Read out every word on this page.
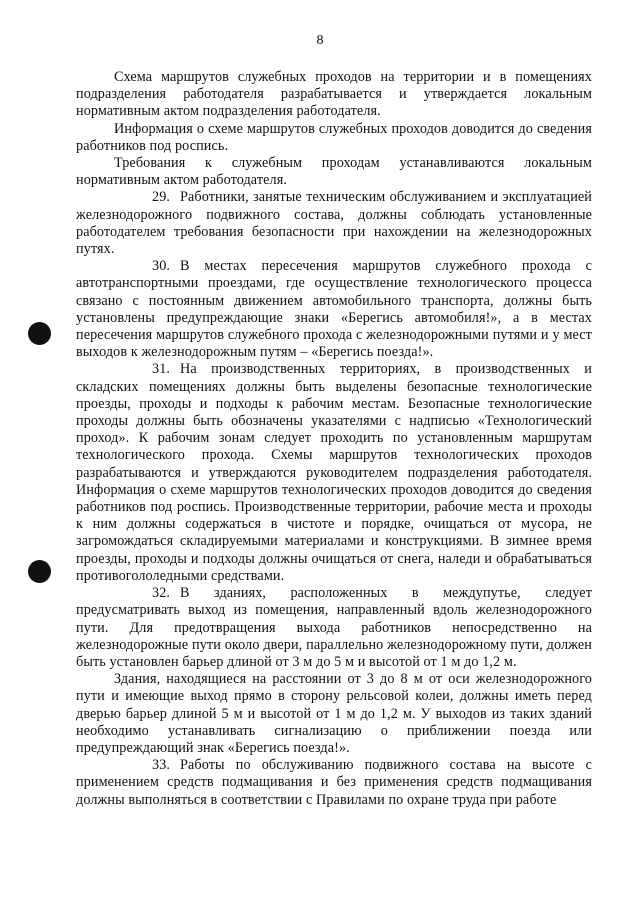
8

Схема маршрутов служебных проходов на территории и в помещениях подразделения работодателя разрабатывается и утверждается локальным нормативным актом подразделения работодателя.

Информация о схеме маршрутов служебных проходов доводится до сведения работников под роспись.

Требования к служебным проходам устанавливаются локальным нормативным актом работодателя.

29. Работники, занятые техническим обслуживанием и эксплуатацией железнодорожного подвижного состава, должны соблюдать установленные работодателем требования безопасности при нахождении на железнодорожных путях.

30. В местах пересечения маршрутов служебного прохода с автотранспортными проездами, где осуществление технологического процесса связано с постоянным движением автомобильного транспорта, должны быть установлены предупреждающие знаки «Берегись автомобиля!», а в местах пересечения маршрутов служебного прохода с железнодорожными путями и у мест выходов к железнодорожным путям – «Берегись поезда!».

31. На производственных территориях, в производственных и складских помещениях должны быть выделены безопасные технологические проезды, проходы и подходы к рабочим местам. Безопасные технологические проходы должны быть обозначены указателями с надписью «Технологический проход». К рабочим зонам следует проходить по установленным маршрутам технологического прохода. Схемы маршрутов технологических проходов разрабатываются и утверждаются руководителем подразделения работодателя. Информация о схеме маршрутов технологических проходов доводится до сведения работников под роспись. Производственные территории, рабочие места и проходы к ним должны содержаться в чистоте и порядке, очищаться от мусора, не загромождаться складируемыми материалами и конструкциями. В зимнее время проезды, проходы и подходы должны очищаться от снега, наледи и обрабатываться противогололедными средствами.

32. В зданиях, расположенных в междупутье, следует предусматривать выход из помещения, направленный вдоль железнодорожного пути. Для предотвращения выхода работников непосредственно на железнодорожные пути около двери, параллельно железнодорожному пути, должен быть установлен барьер длиной от 3 м до 5 м и высотой от 1 м до 1,2 м.

Здания, находящиеся на расстоянии от 3 до 8 м от оси железнодорожного пути и имеющие выход прямо в сторону рельсовой колеи, должны иметь перед дверью барьер длиной 5 м и высотой от 1 м до 1,2 м. У выходов из таких зданий необходимо устанавливать сигнализацию о приближении поезда или предупреждающий знак «Берегись поезда!».

33. Работы по обслуживанию подвижного состава на высоте с применением средств подмащивания и без применения средств подмащивания должны выполняться в соответствии с Правилами по охране труда при работе
